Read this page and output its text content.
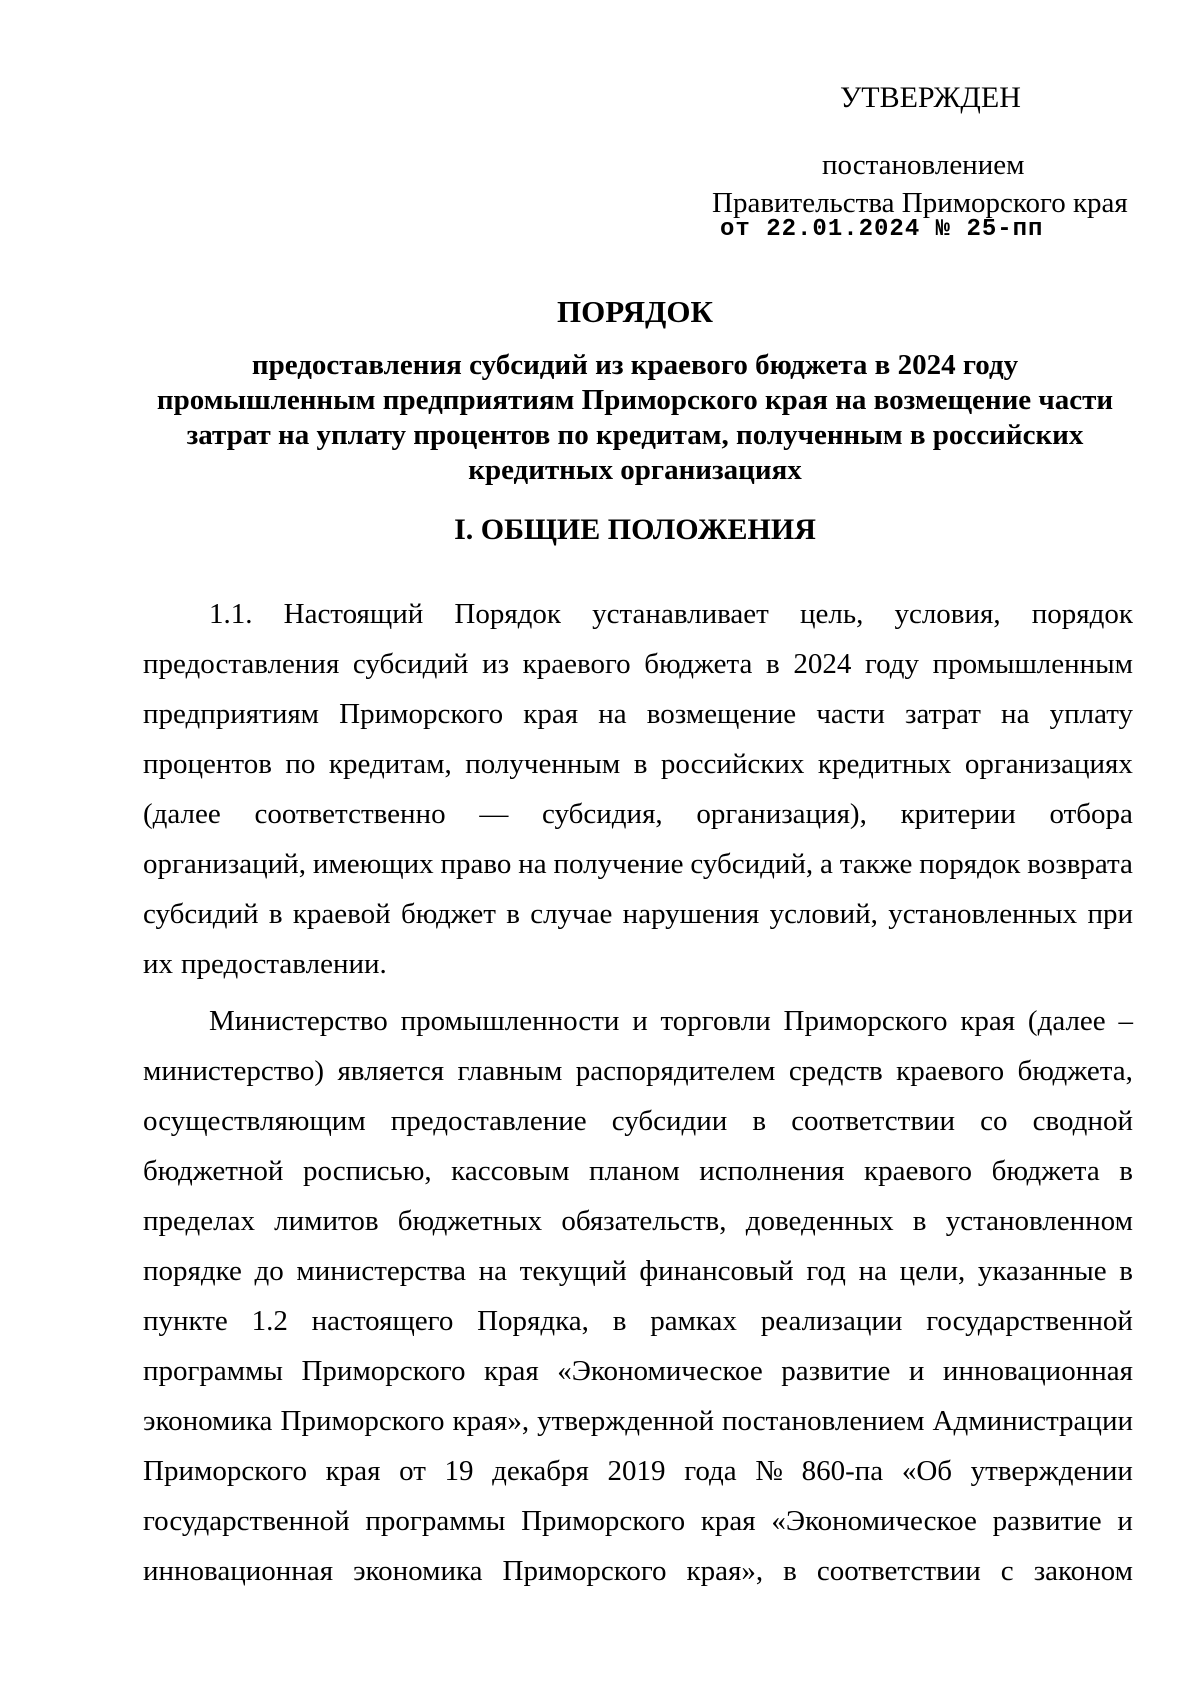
УТВЕРЖДЕН
постановлением
Правительства Приморского края
от 22.01.2024 № 25-пп
ПОРЯДОК
предоставления субсидий из краевого бюджета в 2024 году
промышленным предприятиям Приморского края на возмещение части
затрат на уплату процентов по кредитам, полученным в российских
кредитных организациях
I. ОБЩИЕ ПОЛОЖЕНИЯ
1.1. Настоящий Порядок устанавливает цель, условия, порядок
предоставления субсидий из краевого бюджета в 2024 году промышленным
предприятиям Приморского края на возмещение части затрат на уплату
процентов по кредитам, полученным в российских кредитных организациях
(далее соответственно — субсидия, организация), критерии отбора
организаций, имеющих право на получение субсидий, а также порядок возврата
субсидий в краевой бюджет в случае нарушения условий, установленных при
их предоставлении.
Министерство промышленности и торговли Приморского края (далее –
министерство) является главным распорядителем средств краевого бюджета,
осуществляющим предоставление субсидии в соответствии со сводной
бюджетной росписью, кассовым планом исполнения краевого бюджета в
пределах лимитов бюджетных обязательств, доведенных в установленном
порядке до министерства на текущий финансовый год на цели, указанные в
пункте 1.2 настоящего Порядка, в рамках реализации государственной
программы Приморского края «Экономическое развитие и инновационная
экономика Приморского края», утвержденной постановлением Администрации
Приморского края от 19 декабря 2019 года № 860-па «Об утверждении
государственной программы Приморского края «Экономическое развитие и
инновационная экономика Приморского края», в соответствии с законом
